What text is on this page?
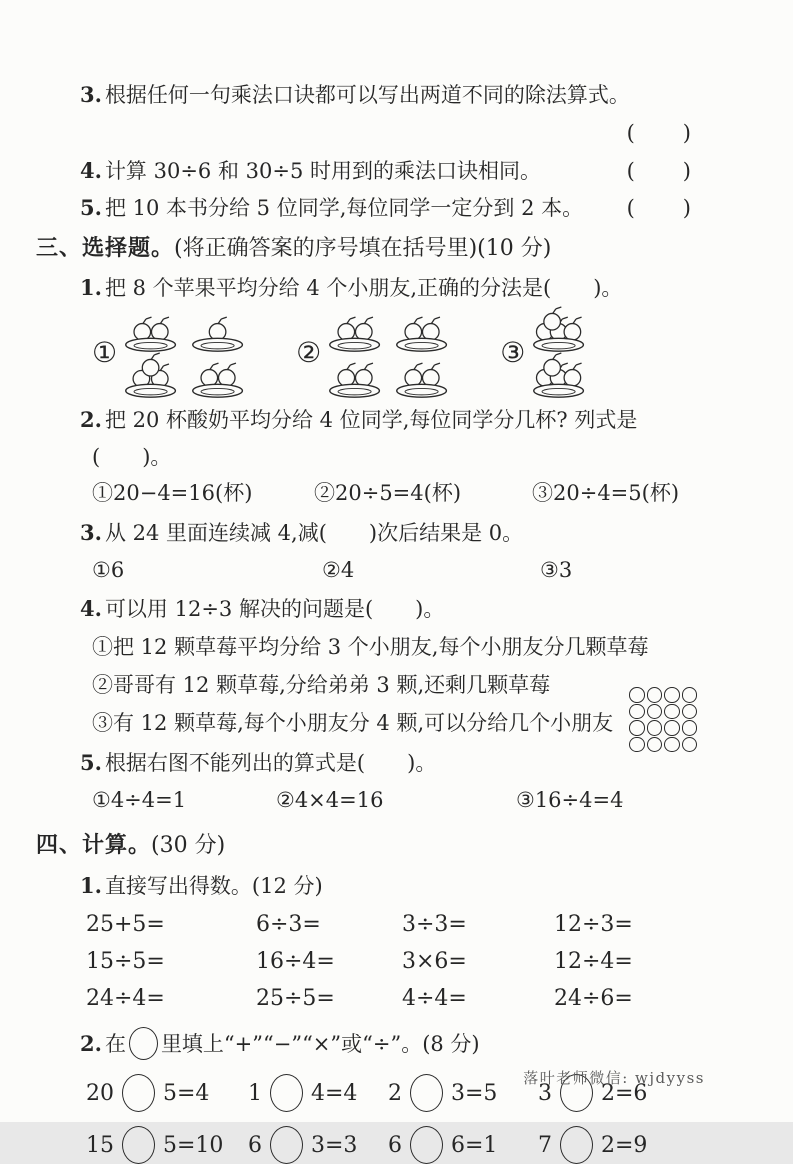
3. 根据任何一句乘法口诀都可以写出两道不同的除法算式。
(　　)
4. 计算 30÷6 和 30÷5 时用到的乘法口诀相同。	(　　)
5. 把 10 本书分给 5 位同学,每位同学一定分到 2 本。 (　　)
三、选择题。(将正确答案的序号填在括号里)(10 分)
1. 把 8 个苹果平均分给 4 个小朋友,正确的分法是(　　)。
①	②	③
2. 把 20 杯酸奶平均分给 4 位同学,每位同学分几杯? 列式是
(　　)。
①20−4=16(杯)	②20÷5=4(杯)	③20÷4=5(杯)
3. 从 24 里面连续减 4,减(　　)次后结果是 0。
①6	②4	③3
4. 可以用 12÷3 解决的问题是(　　)。
①把 12 颗草莓平均分给 3 个小朋友,每个小朋友分几颗草莓
②哥哥有 12 颗草莓,分给弟弟 3 颗,还剩几颗草莓
③有 12 颗草莓,每个小朋友分 4 颗,可以分给几个小朋友
5. 根据右图不能列出的算式是(　　)。
①4÷4=1	②4×4=16	③16÷4=4
四、计算。(30 分)
1. 直接写出得数。(12 分)
25+5=	6÷3=	3÷3=	12÷3=
15÷5=	16÷4=	3×6=	12÷4=
24÷4=	25÷5=	4÷4=	24÷6=
2. 在 里填上“+”“−”“×”或“÷”。(8 分)
20 5=4 1 4=4 2 3=5 3 2=6
15 5=10 6 3=3 6 6=1 7 2=9
落叶老师微信: wjdyyss
